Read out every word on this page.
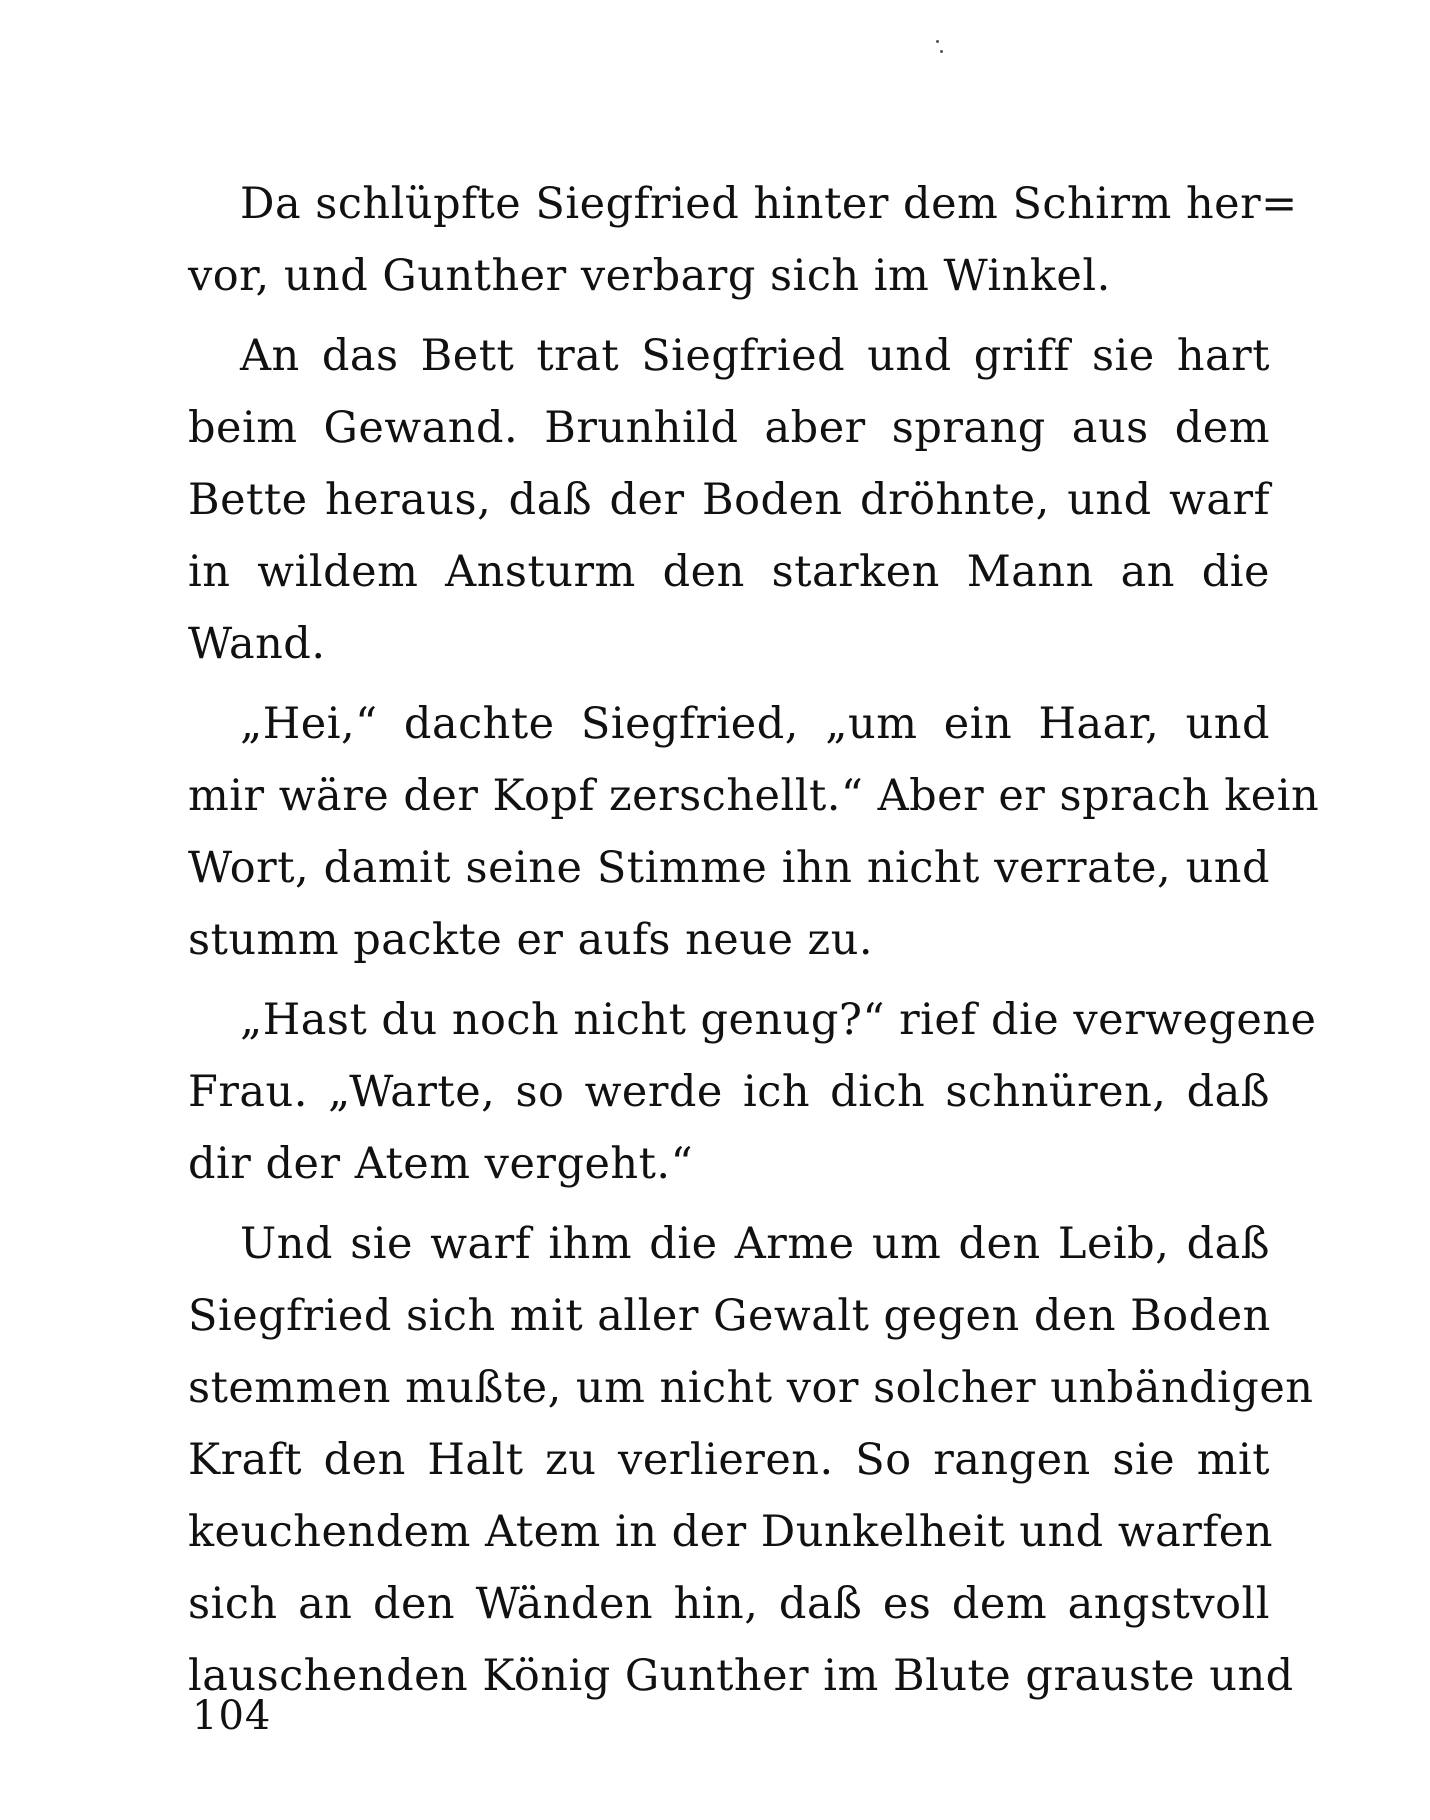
Da schlüpfte Siegfried hinter dem Schirm her=
vor, und Gunther verbarg sich im Winkel.
An das Bett trat Siegfried und griff sie hart
beim Gewand. Brunhild aber sprang aus dem
Bette heraus, daß der Boden dröhnte, und warf
in wildem Ansturm den starken Mann an die
Wand.
„Hei,“ dachte Siegfried, „um ein Haar, und
mir wäre der Kopf zerschellt.“ Aber er sprach kein
Wort, damit seine Stimme ihn nicht verrate, und
stumm packte er aufs neue zu.
„Hast du noch nicht genug?“ rief die verwegene
Frau. „Warte, so werde ich dich schnüren, daß
dir der Atem vergeht.“
Und sie warf ihm die Arme um den Leib, daß
Siegfried sich mit aller Gewalt gegen den Boden
stemmen mußte, um nicht vor solcher unbändigen
Kraft den Halt zu verlieren. So rangen sie mit
keuchendem Atem in der Dunkelheit und warfen
sich an den Wänden hin, daß es dem angstvoll
lauschenden König Gunther im Blute grauste und
104
